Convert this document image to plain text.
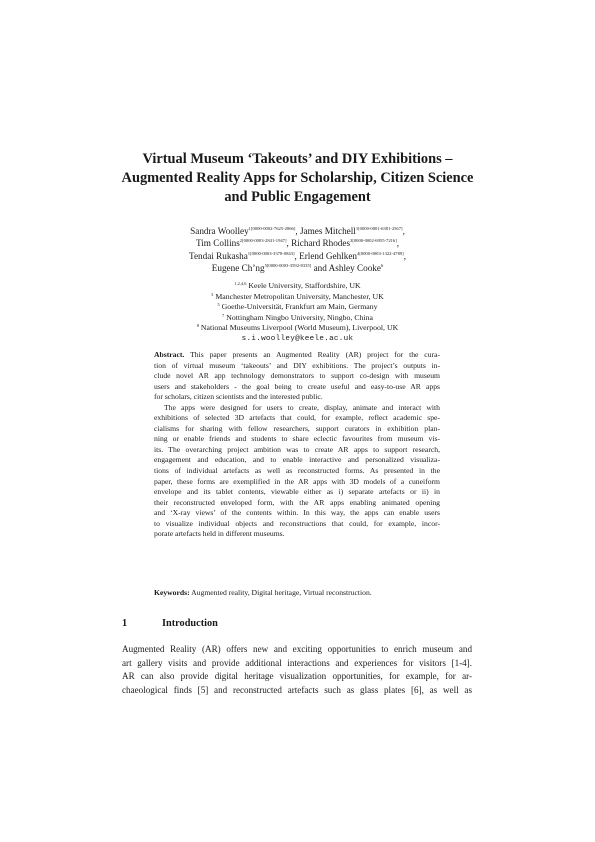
Virtual Museum ‘Takeouts’ and DIY Exhibitions –
Augmented Reality Apps for Scholarship, Citizen Science
and Public Engagement
Sandra Woolley$^{1[0000-0002-7625-2866]}$, James Mitchell$^{1[0000-0001-6381-2567]}$,
Tim Collins$^{2[0000-0003-2841-1947]}$, Richard Rhodes$^{3[0000-0002-6955-7216]}$,
Tendai Rukasha$^{1[0000-0003-3378-0843]}$, Erlend Gehlken$^{4[0000-0003-1322-4789]}$,
Eugene $Ch’ng^{5[0000-0003-3592-8335]}$ and Ashley Cooke$^6$
$^{1,2,4,6}$ Keele University, Staffordshire, UK
$^3$ Manchester Metropolitan University, Manchester, UK
$^5$ Goethe-Universität, Frankfurt am Main, Germany
$^7$ Nottingham Ningbo University, Ningbo, China
$^8$ National Museums Liverpool (World Museum), Liverpool, UK
s.i.woolley@keele.ac.uk
Abstract. This paper presents an Augmented Reality (AR) project for the cura-
tion of virtual museum ‘takeouts’ and DIY exhibitions. The project’s outputs in-
clude novel AR app technology demonstrators to support co-design with museum
users and stakeholders - the goal being to create useful and easy-to-use AR apps
for scholars, citizen scientists and the interested public.
The apps were designed for users to create, display, animate and interact with
exhibitions of selected 3D artefacts that could, for example, reflect academic spe-
cialisms for sharing with fellow researchers, support curators in exhibition plan-
ning or enable friends and students to share eclectic favourites from museum vis-
its. The overarching project ambition was to create AR apps to support research,
engagement and education, and to enable interactive and personalized visualiza-
tions of individual artefacts as well as reconstructed forms. As presented in the
paper, these forms are exemplified in the AR apps with 3D models of a cuneiform
envelope and its tablet contents, viewable either as i) separate artefacts or ii) in
their reconstructed enveloped form, with the AR apps enabling animated opening
and ‘X-ray views’ of the contents within. In this way, the apps can enable users
to visualize individual objects and reconstructions that could, for example, incor-
porate artefacts held in different museums.
Keywords: Augmented reality, Digital heritage, Virtual reconstruction.
1	Introduction
Augmented Reality (AR) offers new and exciting opportunities to enrich museum and
art gallery visits and provide additional interactions and experiences for visitors [1-4].
AR can also provide digital heritage visualization opportunities, for example, for ar-
chaeological finds [5] and reconstructed artefacts such as glass plates [6], as well as
